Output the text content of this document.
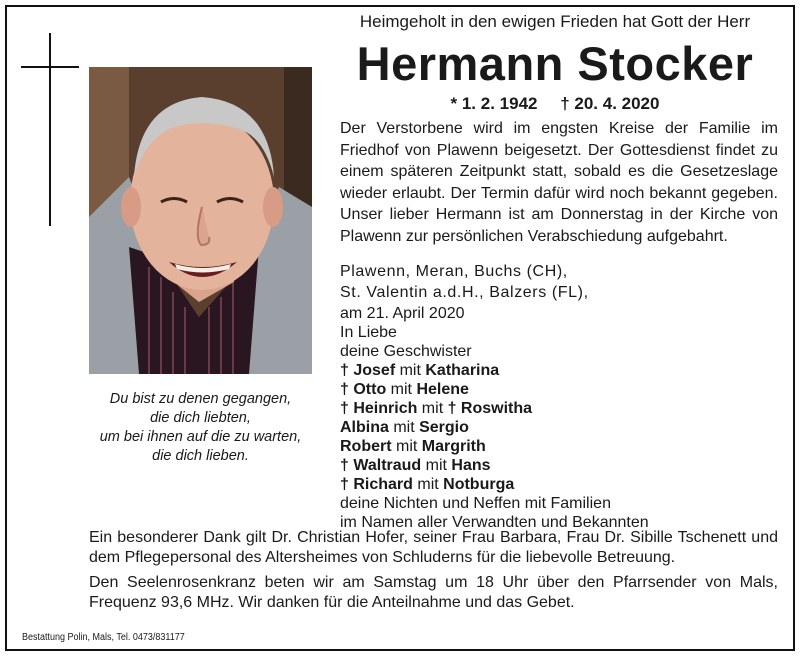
Du bist zu denen gegangen,
die dich liebten,
um bei ihnen auf die zu warten,
die dich lieben.
Heimgeholt in den ewigen Frieden hat Gott der Herr
Hermann Stocker
* 1. 2. 1942 † 20. 4. 2020
Der Verstorbene wird im engsten Kreise der Familie im Friedhof von Plawenn beigesetzt. Der Gottesdienst findet zu einem späteren Zeitpunkt statt, sobald es die Gesetzeslage wieder erlaubt. Der Termin dafür wird noch bekannt gegeben. Unser lieber Hermann ist am Donnerstag in der Kirche von Plawenn zur persönlichen Verabschiedung aufgebahrt.
Plawenn, Meran, Buchs (CH),
St. Valentin a.d.H., Balzers (FL),
am 21. April 2020
In Liebe
deine Geschwister
† Josef mit Katharina
† Otto mit Helene
† Heinrich mit † Roswitha
Albina mit Sergio
Robert mit Margrith
† Waltraud mit Hans
† Richard mit Notburga
deine Nichten und Neffen mit Familien
im Namen aller Verwandten und Bekannten

Ein besonderer Dank gilt Dr. Christian Hofer, seiner Frau Barbara, Frau Dr. Sibille Tschenett und dem Pflegepersonal des Altersheimes von Schluderns für die liebevolle Betreuung.

Den Seelenrosenkranz beten wir am Samstag um 18 Uhr über den Pfarrsender von Mals, Frequenz 93,6 MHz. Wir danken für die Anteilnahme und das Gebet.

Bestattung Polin, Mals, Tel. 0473/831177
